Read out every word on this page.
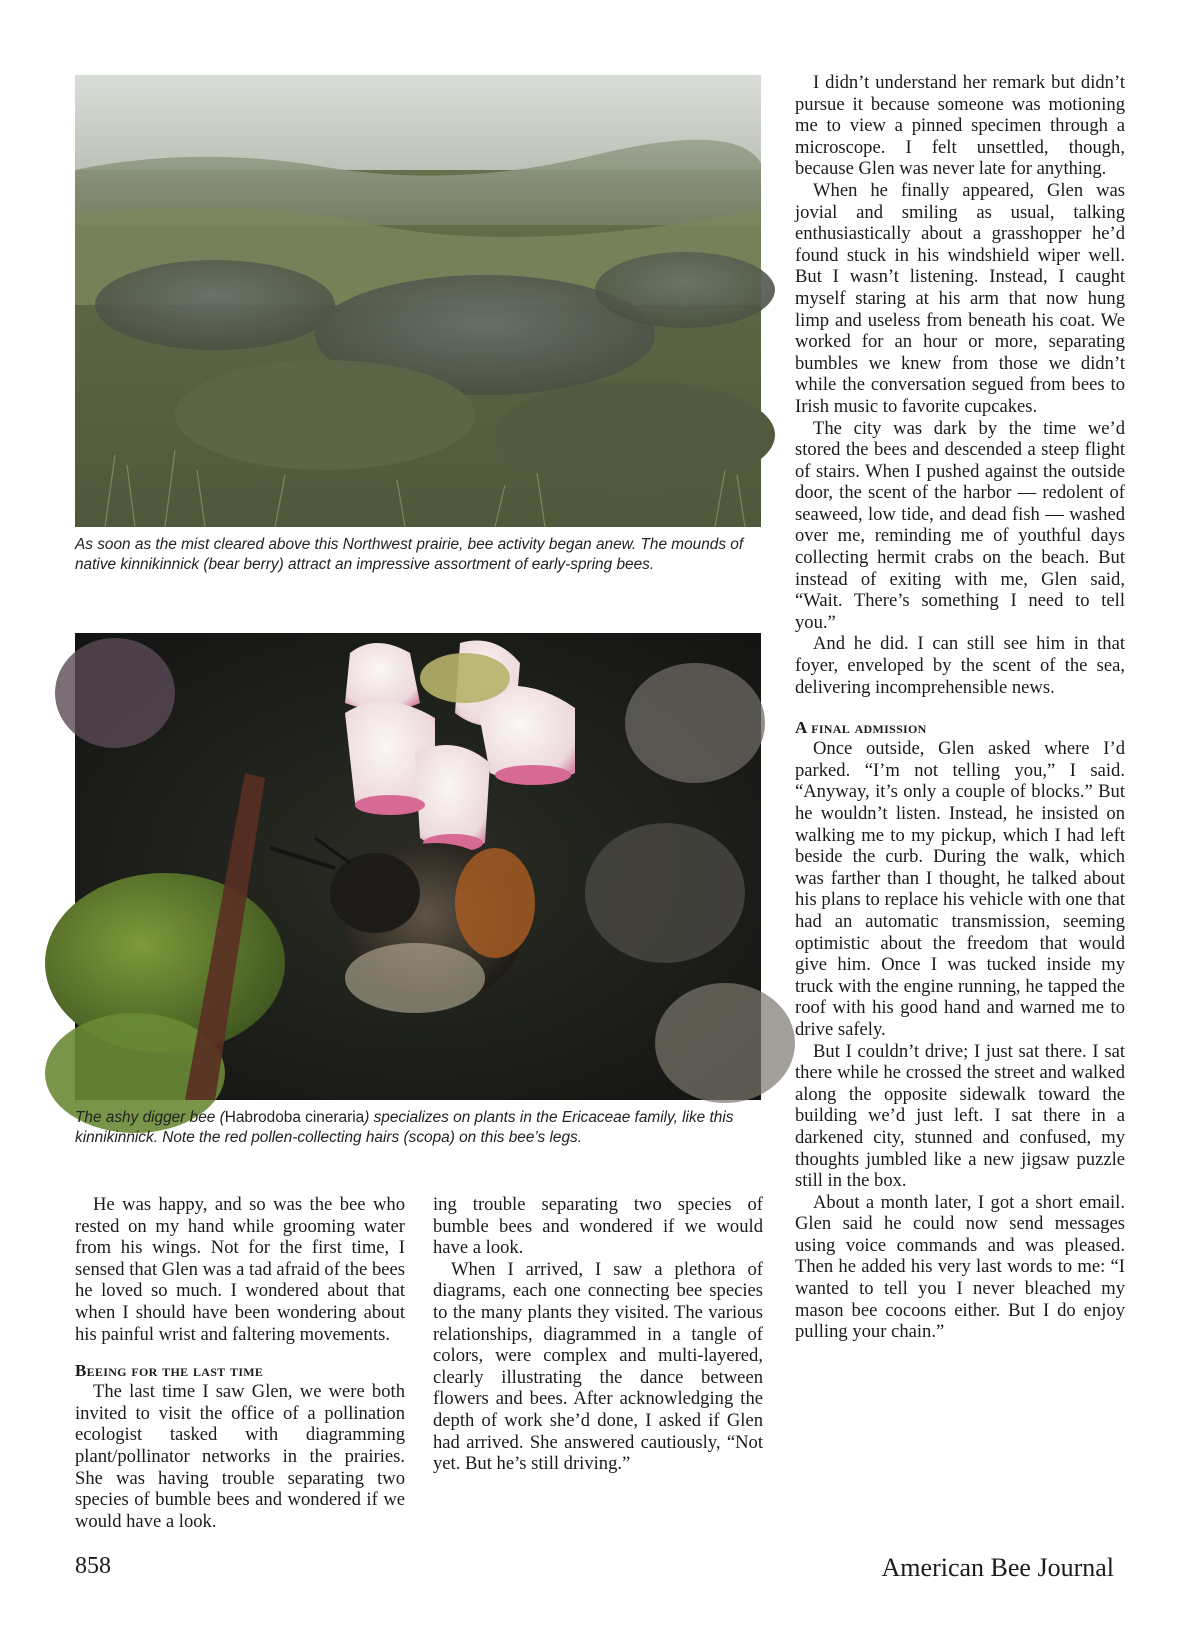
As soon as the mist cleared above this Northwest prairie, bee activity began anew. The mounds of native kinnikinnick (bear berry) attract an impressive assortment of early-spring bees.
The ashy digger bee (Habrodoba cineraria) specializes on plants in the Ericaceae family, like this kinnikinnick. Note the red pollen-collecting hairs (scopa) on this bee’s legs.

I didn’t understand her remark but didn’t pursue it because someone was motioning me to view a pinned specimen through a microscope. I felt unsettled, though, because Glen was never late for anything.

When he finally appeared, Glen was jovial and smiling as usual, talking enthusiastically about a grasshopper he’d found stuck in his windshield wiper well. But I wasn’t listening. Instead, I caught myself staring at his arm that now hung limp and useless from beneath his coat. We worked for an hour or more, separating bumbles we knew from those we didn’t while the conversation segued from bees to Irish music to favorite cupcakes.

The city was dark by the time we’d stored the bees and descended a steep flight of stairs. When I pushed against the outside door, the scent of the harbor — redolent of seaweed, low tide, and dead fish — washed over me, reminding me of youthful days collecting hermit crabs on the beach. But instead of exiting with me, Glen said, “Wait. There’s something I need to tell you.”

And he did. I can still see him in that foyer, enveloped by the scent of the sea, delivering incomprehensible news.

A final admission

Once outside, Glen asked where I’d parked. “I’m not telling you,” I said. “Anyway, it’s only a couple of blocks.” But he wouldn’t listen. Instead, he insisted on walking me to my pickup, which I had left beside the curb. During the walk, which was farther than I thought, he talked about his plans to replace his vehicle with one that had an automatic transmission, seeming optimistic about the freedom that would give him. Once I was tucked inside my truck with the engine running, he tapped the roof with his good hand and warned me to drive safely.

But I couldn’t drive; I just sat there. I sat there while he crossed the street and walked along the opposite sidewalk toward the building we’d just left. I sat there in a darkened city, stunned and confused, my thoughts jumbled like a new jigsaw puzzle still in the box.

About a month later, I got a short email. Glen said he could now send messages using voice commands and was pleased. Then he added his very last words to me: “I wanted to tell you I never bleached my mason bee cocoons either. But I do enjoy pulling your chain.”

He was happy, and so was the bee who rested on my hand while grooming water from his wings. Not for the first time, I sensed that Glen was a tad afraid of the bees he loved so much. I wondered about that when I should have been wondering about his painful wrist and faltering movements.

Beeing for the last time

The last time I saw Glen, we were both invited to visit the office of a pollination ecologist tasked with diagramming plant/pollinator networks in the prairies. She was having trouble separating two species of bumble bees and wondered if we would have a look.

ing trouble separating two species of bumble bees and wondered if we would have a look.

When I arrived, I saw a plethora of diagrams, each one connecting bee species to the many plants they visited. The various relationships, diagrammed in a tangle of colors, were complex and multi-layered, clearly illustrating the dance between flowers and bees. After acknowledging the depth of work she’d done, I asked if Glen had arrived. She answered cautiously, “Not yet. But he’s still driving.”

858	American Bee Journal
